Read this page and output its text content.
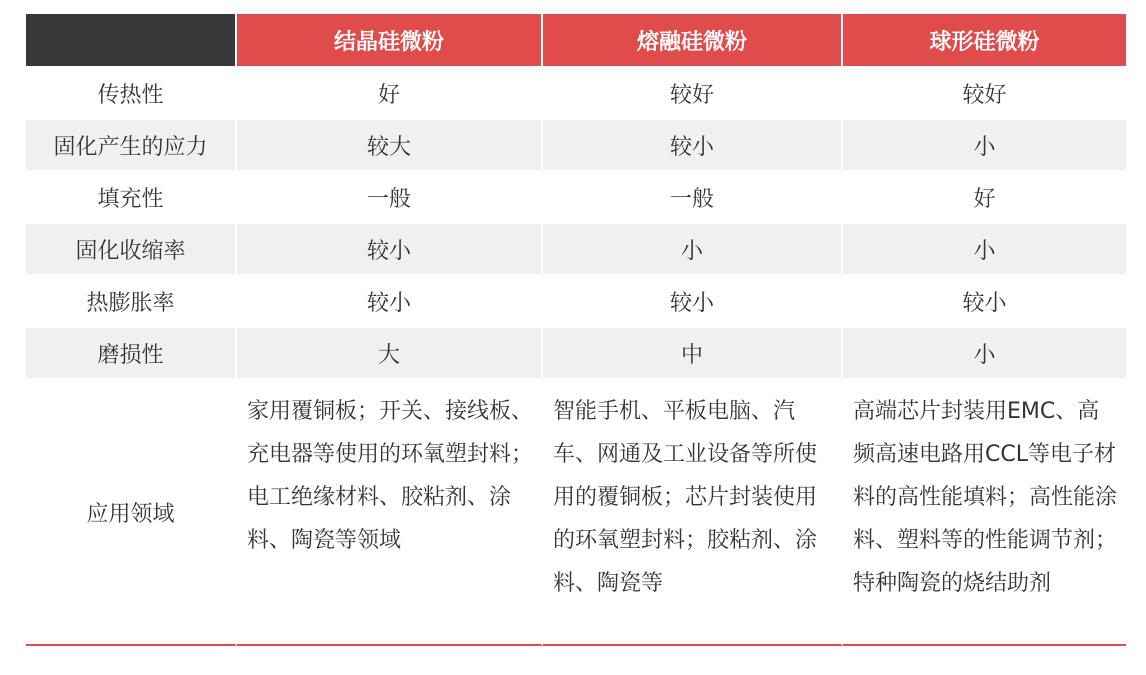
	结晶硅微粉	熔融硅微粉	球形硅微粉
传热性	好	较好	较好
固化产生的应力	较大	较小	小
填充性	一般	一般	好
固化收缩率	较小	小	小
热膨胀率	较小	较小	较小
磨损性	大	中	小
应用领域	家用覆铜板；开关、接线板、充电器等使用的环氧塑封料；电工绝缘材料、胶粘剂、涂料、陶瓷等领域	智能手机、平板电脑、汽车、网通及工业设备等所使用的覆铜板；芯片封装使用的环氧塑封料；胶粘剂、涂料、陶瓷等	高端芯片封装用EMC、高频高速电路用CCL等电子材料的高性能填料；高性能涂料、塑料等的性能调节剂；特种陶瓷的烧结助剂
